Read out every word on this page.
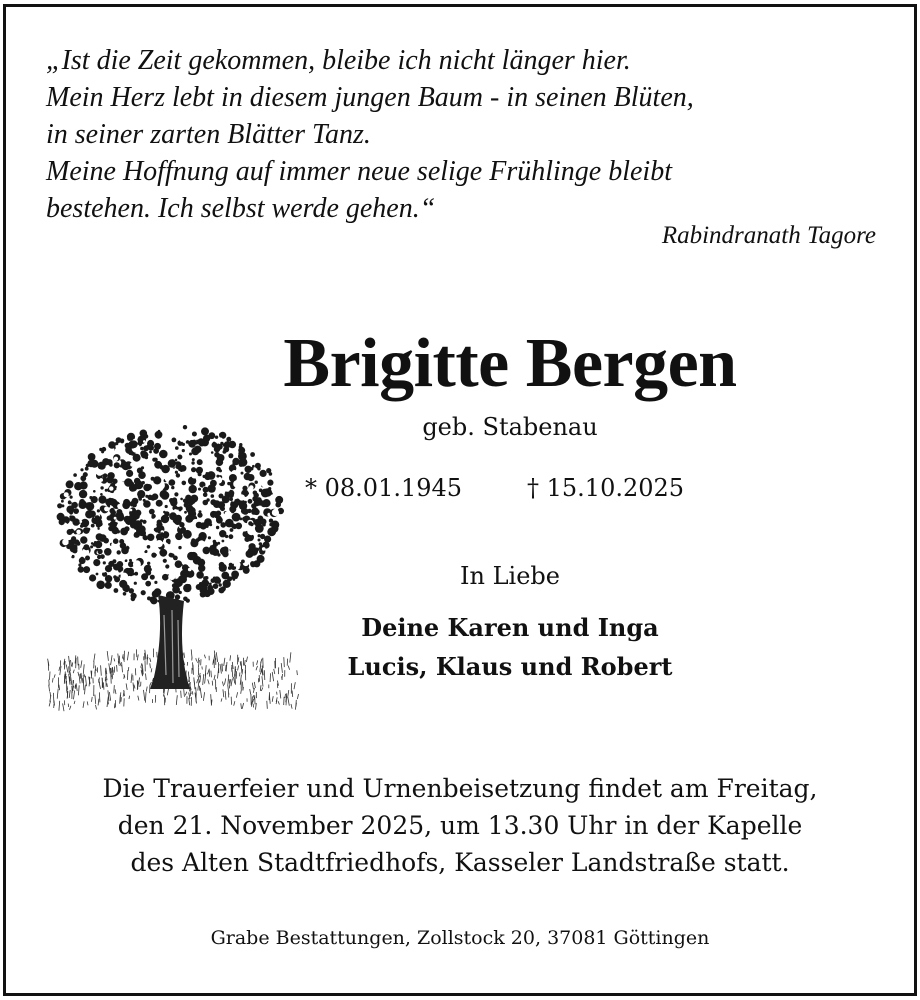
„Ist die Zeit gekommen, bleibe ich nicht länger hier.
Mein Herz lebt in diesem jungen Baum - in seinen Blüten,
in seiner zarten Blätter Tanz.
Meine Hoffnung auf immer neue selige Frühlinge bleibt
bestehen. Ich selbst werde gehen.“
Rabindranath Tagore
Brigitte Bergen
geb. Stabenau
* 08.01.1945	† 15.10.2025
In Liebe
Deine Karen und Inga
Lucis, Klaus und Robert
Die Trauerfeier und Urnenbeisetzung findet am Freitag,
den 21. November 2025, um 13.30 Uhr in der Kapelle
des Alten Stadtfriedhofs, Kasseler Landstraße statt.
Grabe Bestattungen, Zollstock 20, 37081 Göttingen
